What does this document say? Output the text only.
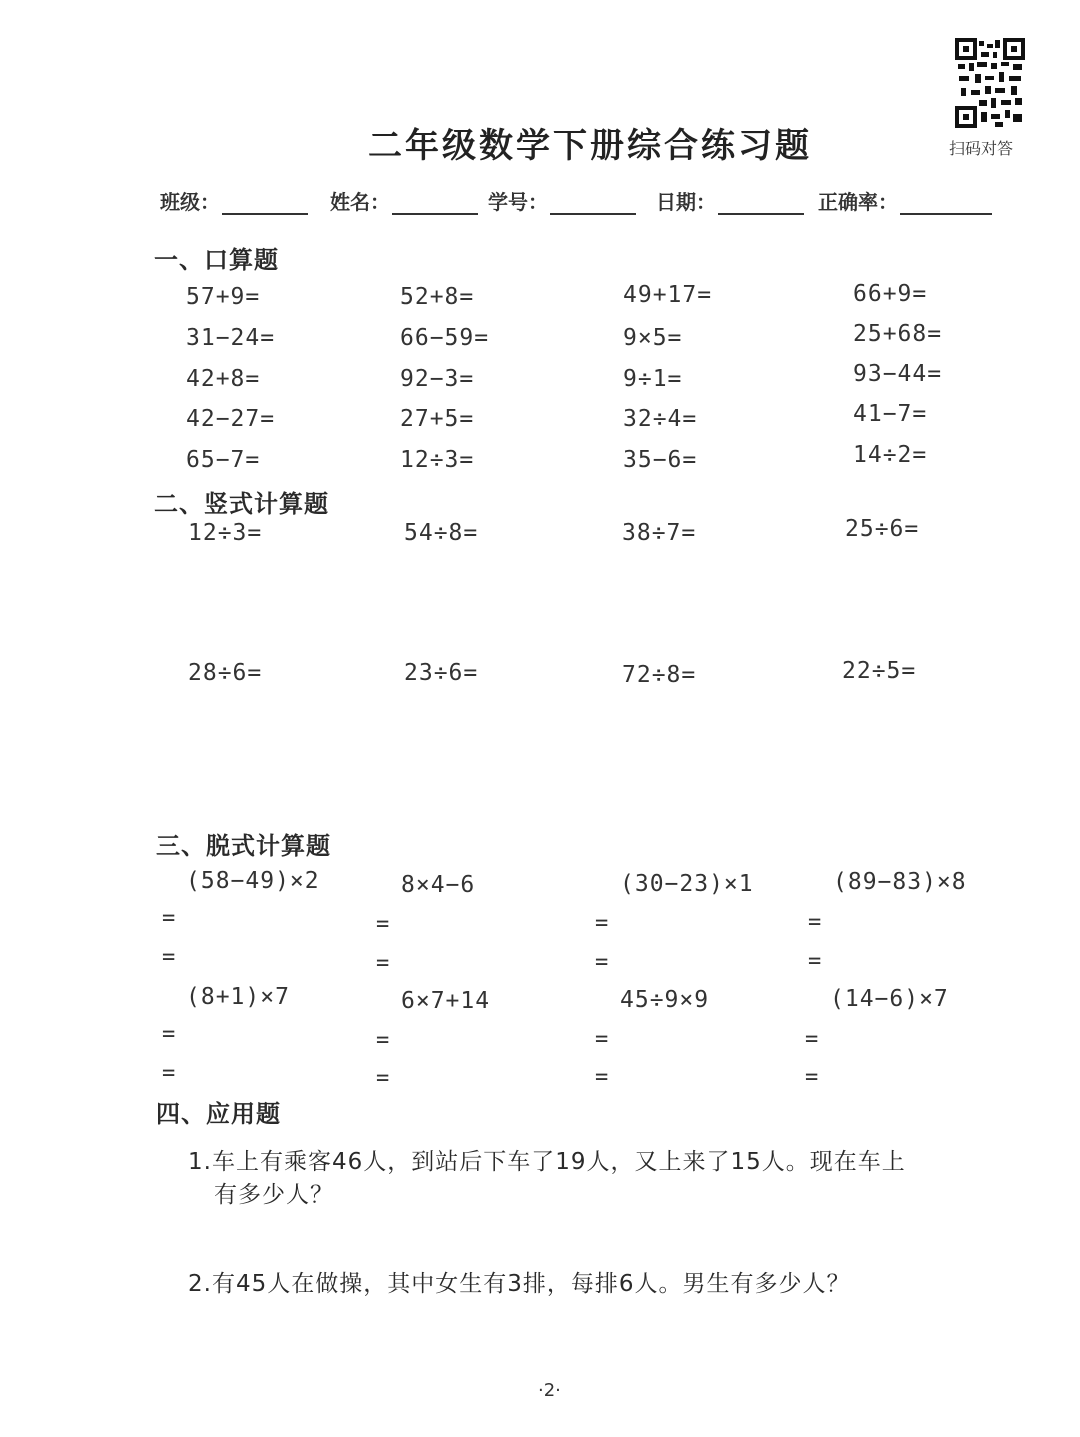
二年级数学下册综合练习题	扫码对答
班级：	姓名：	学号：	日期：	正确率：
一、口算题
57+9=	52+8=	49+17=	66+9=
31−24=	66−59=	9×5=	25+68=
42+8=	92−3=	9÷1=	93−44=
42−27=	27+5=	32÷4=	41−7=
65−7=	12÷3=	35−6=	14÷2=
二、竖式计算题
12÷3=	54÷8=	38÷7=	25÷6=
28÷6=	23÷6=	72÷8=	22÷5=
三、脱式计算题
(58−49)×2	8×4−6	(30−23)×1	(89−83)×8
=	=	=	=
=	=	=	=
(8+1)×7	6×7+14	45÷9×9	(14−6)×7
=	=	=	=
=	=	=	=
四、应用题
1.车上有乘客46人，到站后下车了19人，又上来了15人。现在车上
有多少人？
2.有45人在做操，其中女生有3排，每排6人。男生有多少人？
·2·
